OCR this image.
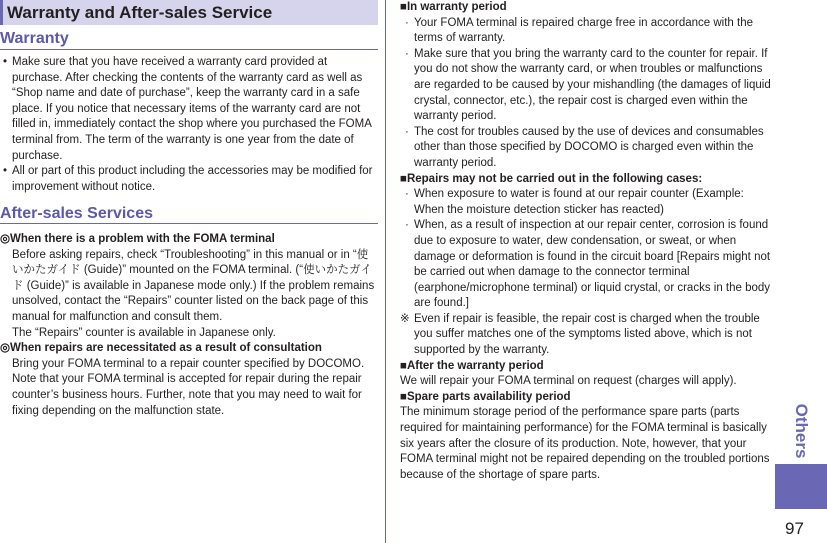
Warranty and After-sales Service
Warranty
• Make sure that you have received a warranty card provided at purchase. After checking the contents of the warranty card as well as “Shop name and date of purchase”, keep the warranty card in a safe place. If you notice that necessary items of the warranty card are not filled in, immediately contact the shop where you purchased the FOMA terminal from. The term of the warranty is one year from the date of purchase.
• All or part of this product including the accessories may be modified for improvement without notice.
After-sales Services
◎When there is a problem with the FOMA terminal
Before asking repairs, check “Troubleshooting” in this manual or in “使いかたガイド (Guide)” mounted on the FOMA terminal. (“使いかたガイド (Guide)” is available in Japanese mode only.) If the problem remains unsolved, contact the “Repairs” counter listed on the back page of this manual for malfunction and consult them.
The “Repairs” counter is available in Japanese only.
◎When repairs are necessitated as a result of consultation
Bring your FOMA terminal to a repair counter specified by DOCOMO. Note that your FOMA terminal is accepted for repair during the repair counter’s business hours. Further, note that you may need to wait for fixing depending on the malfunction state.
■In warranty period
· Your FOMA terminal is repaired charge free in accordance with the terms of warranty.
· Make sure that you bring the warranty card to the counter for repair. If you do not show the warranty card, or when troubles or malfunctions are regarded to be caused by your mishandling (the damages of liquid crystal, connector, etc.), the repair cost is charged even within the warranty period.
· The cost for troubles caused by the use of devices and consumables other than those specified by DOCOMO is charged even within the warranty period.
■Repairs may not be carried out in the following cases:
· When exposure to water is found at our repair counter (Example: When the moisture detection sticker has reacted)
· When, as a result of inspection at our repair center, corrosion is found due to exposure to water, dew condensation, or sweat, or when damage or deformation is found in the circuit board [Repairs might not be carried out when damage to the connector terminal (earphone/microphone terminal) or liquid crystal, or cracks in the body are found.]
※ Even if repair is feasible, the repair cost is charged when the trouble you suffer matches one of the symptoms listed above, which is not supported by the warranty.
■After the warranty period
We will repair your FOMA terminal on request (charges will apply).
■Spare parts availability period
The minimum storage period of the performance spare parts (parts required for maintaining performance) for the FOMA terminal is basically six years after the closure of its production. Note, however, that your FOMA terminal might not be repaired depending on the troubled portions because of the shortage of spare parts.
Others
97
